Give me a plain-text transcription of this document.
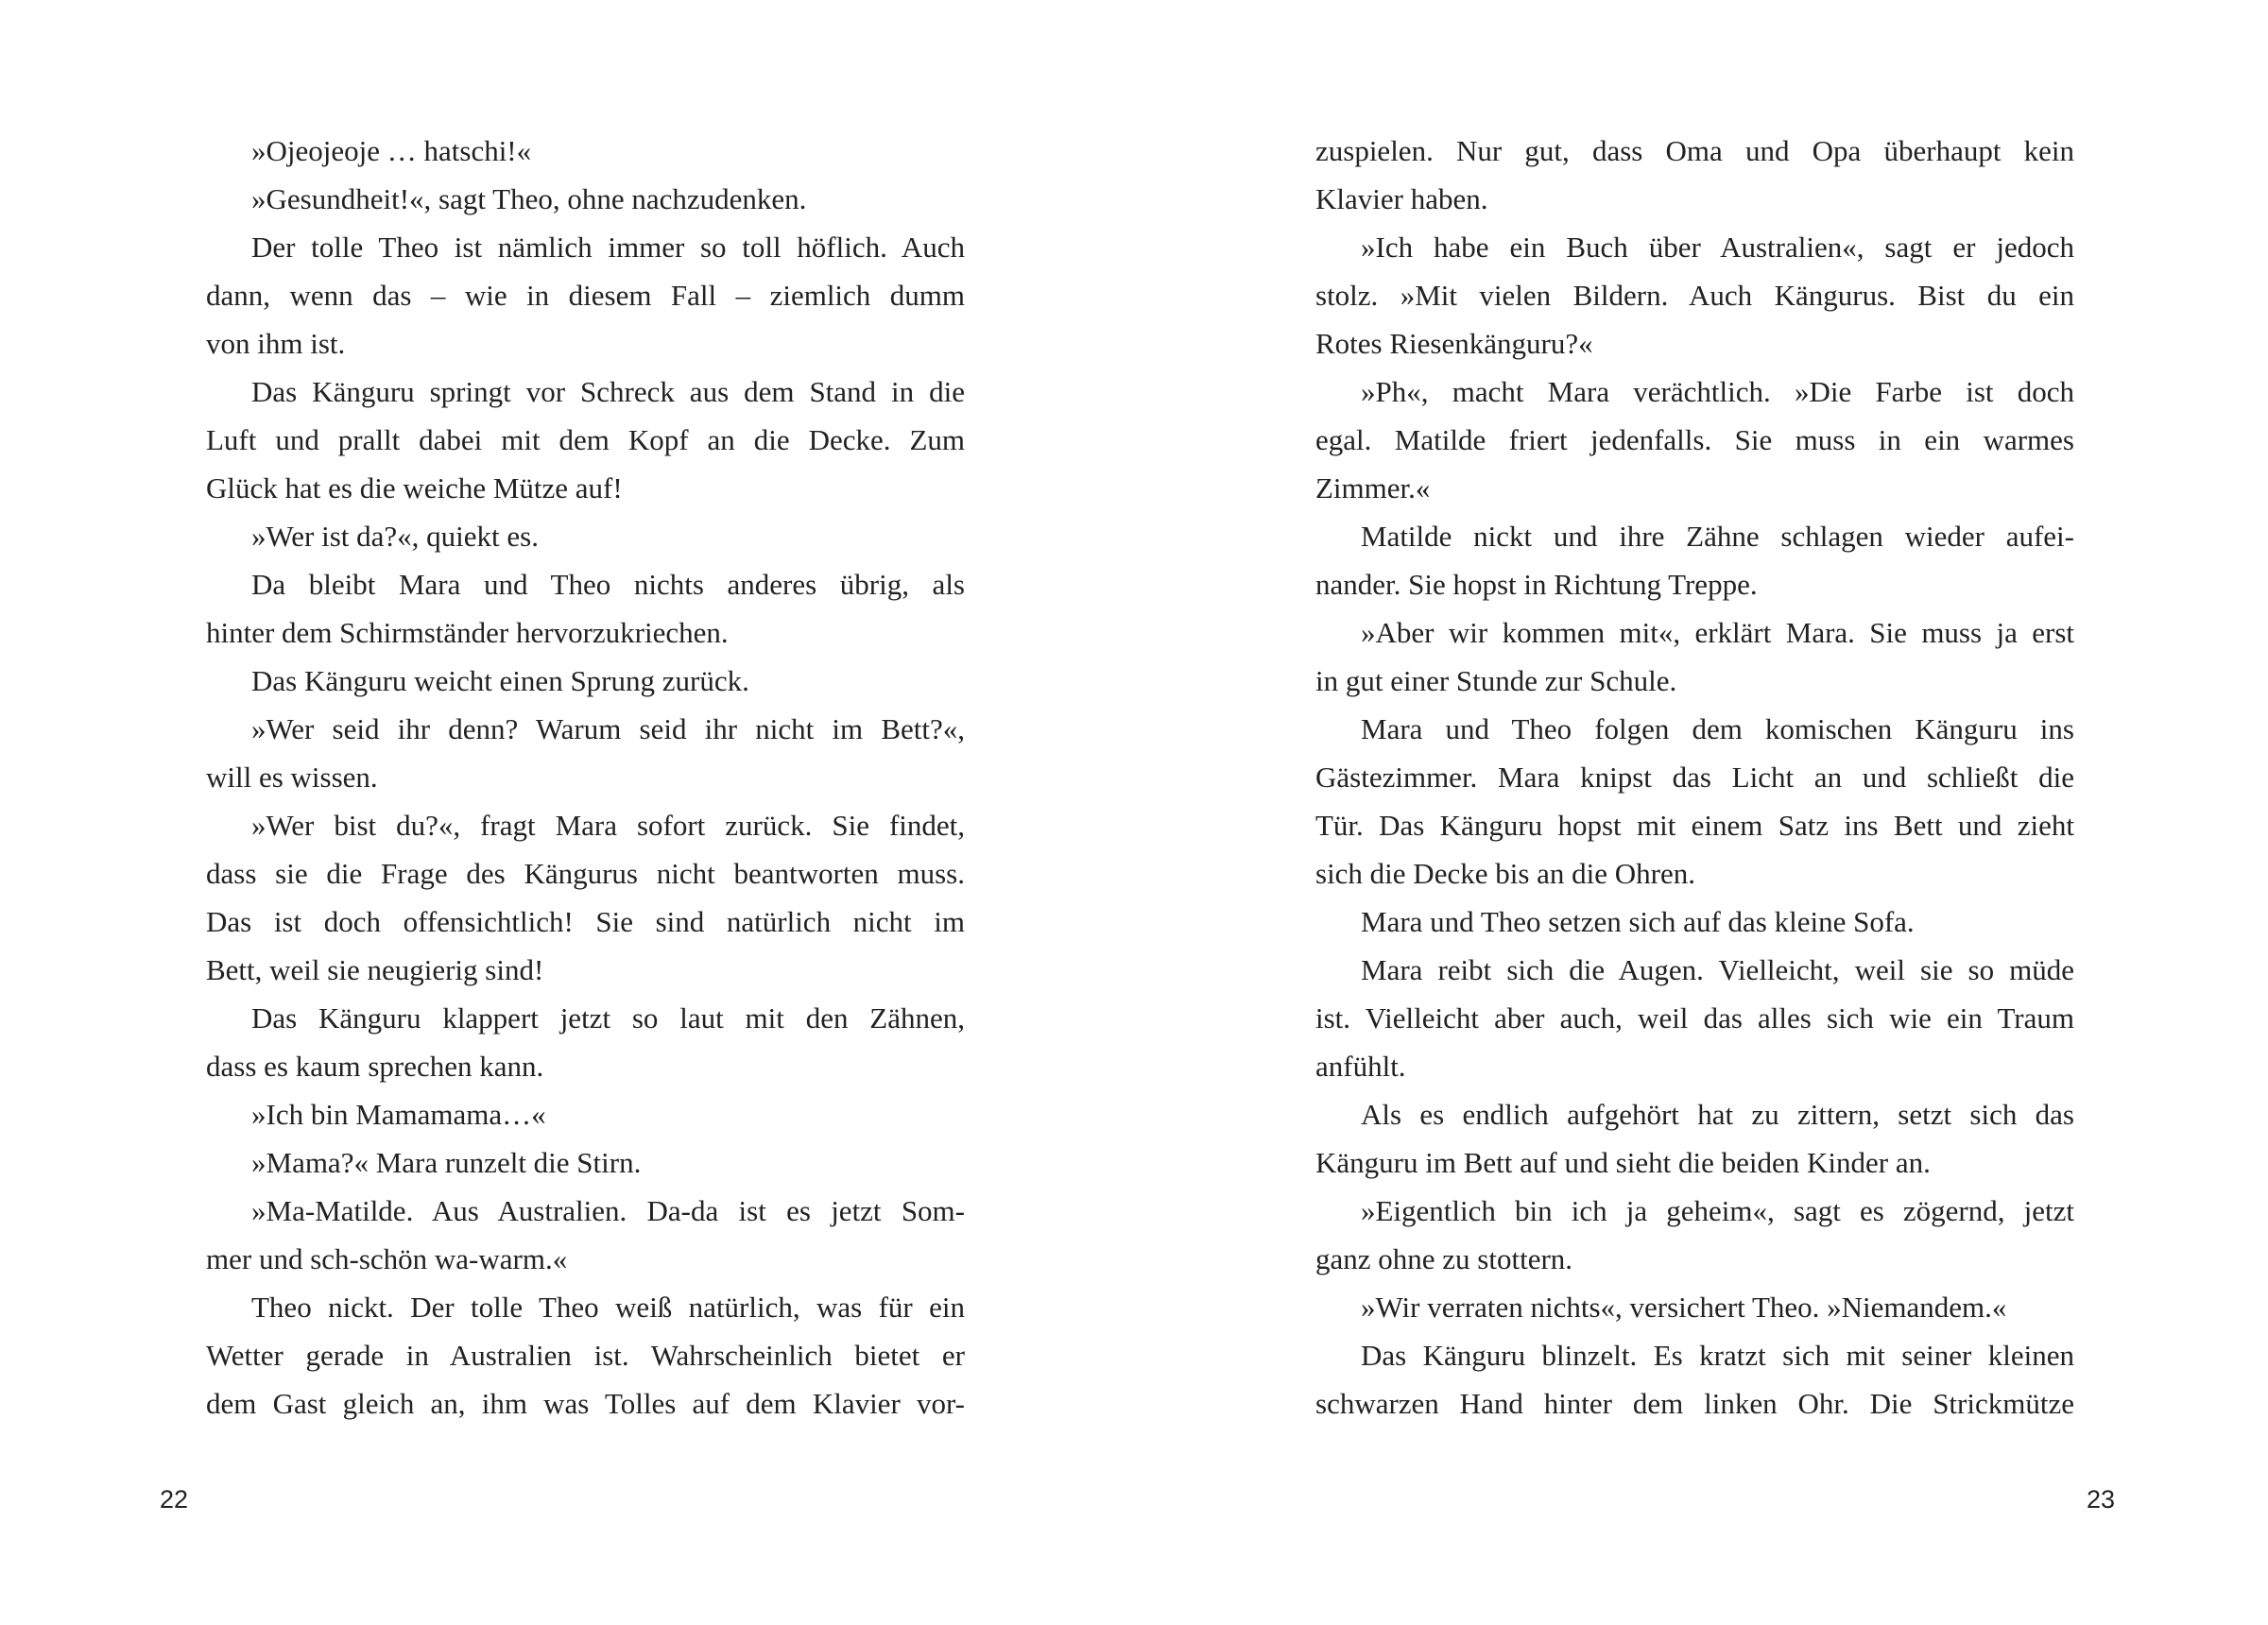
»Ojeojeoje … hatschi!«
»Gesundheit!«, sagt Theo, ohne nachzudenken.
Der tolle Theo ist nämlich immer so toll höflich. Auch
dann, wenn das – wie in diesem Fall – ziemlich dumm
von ihm ist.
Das Känguru springt vor Schreck aus dem Stand in die
Luft und prallt dabei mit dem Kopf an die Decke. Zum
Glück hat es die weiche Mütze auf!
»Wer ist da?«, quiekt es.
Da bleibt Mara und Theo nichts anderes übrig, als
hinter dem Schirmständer hervorzukriechen.
Das Känguru weicht einen Sprung zurück.
»Wer seid ihr denn? Warum seid ihr nicht im Bett?«,
will es wissen.
»Wer bist du?«, fragt Mara sofort zurück. Sie findet,
dass sie die Frage des Kängurus nicht beantworten muss.
Das ist doch offensichtlich! Sie sind natürlich nicht im
Bett, weil sie neugierig sind!
Das Känguru klappert jetzt so laut mit den Zähnen,
dass es kaum sprechen kann.
»Ich bin Mamamama…«
»Mama?« Mara runzelt die Stirn.
»Ma-Matilde. Aus Australien. Da-da ist es jetzt Som-
mer und sch-schön wa-warm.«
Theo nickt. Der tolle Theo weiß natürlich, was für ein
Wetter gerade in Australien ist. Wahrscheinlich bietet er
dem Gast gleich an, ihm was Tolles auf dem Klavier vor-
zuspielen. Nur gut, dass Oma und Opa überhaupt kein
Klavier haben.
»Ich habe ein Buch über Australien«, sagt er jedoch
stolz. »Mit vielen Bildern. Auch Kängurus. Bist du ein
Rotes Riesenkänguru?«
»Ph«, macht Mara verächtlich. »Die Farbe ist doch
egal. Matilde friert jedenfalls. Sie muss in ein warmes
Zimmer.«
Matilde nickt und ihre Zähne schlagen wieder aufei-
nander. Sie hopst in Richtung Treppe.
»Aber wir kommen mit«, erklärt Mara. Sie muss ja erst
in gut einer Stunde zur Schule.
Mara und Theo folgen dem komischen Känguru ins
Gästezimmer. Mara knipst das Licht an und schließt die
Tür. Das Känguru hopst mit einem Satz ins Bett und zieht
sich die Decke bis an die Ohren.
Mara und Theo setzen sich auf das kleine Sofa.
Mara reibt sich die Augen. Vielleicht, weil sie so müde
ist. Vielleicht aber auch, weil das alles sich wie ein Traum
anfühlt.
Als es endlich aufgehört hat zu zittern, setzt sich das
Känguru im Bett auf und sieht die beiden Kinder an.
»Eigentlich bin ich ja geheim«, sagt es zögernd, jetzt
ganz ohne zu stottern.
»Wir verraten nichts«, versichert Theo. »Niemandem.«
Das Känguru blinzelt. Es kratzt sich mit seiner kleinen
schwarzen Hand hinter dem linken Ohr. Die Strickmütze
22	23
